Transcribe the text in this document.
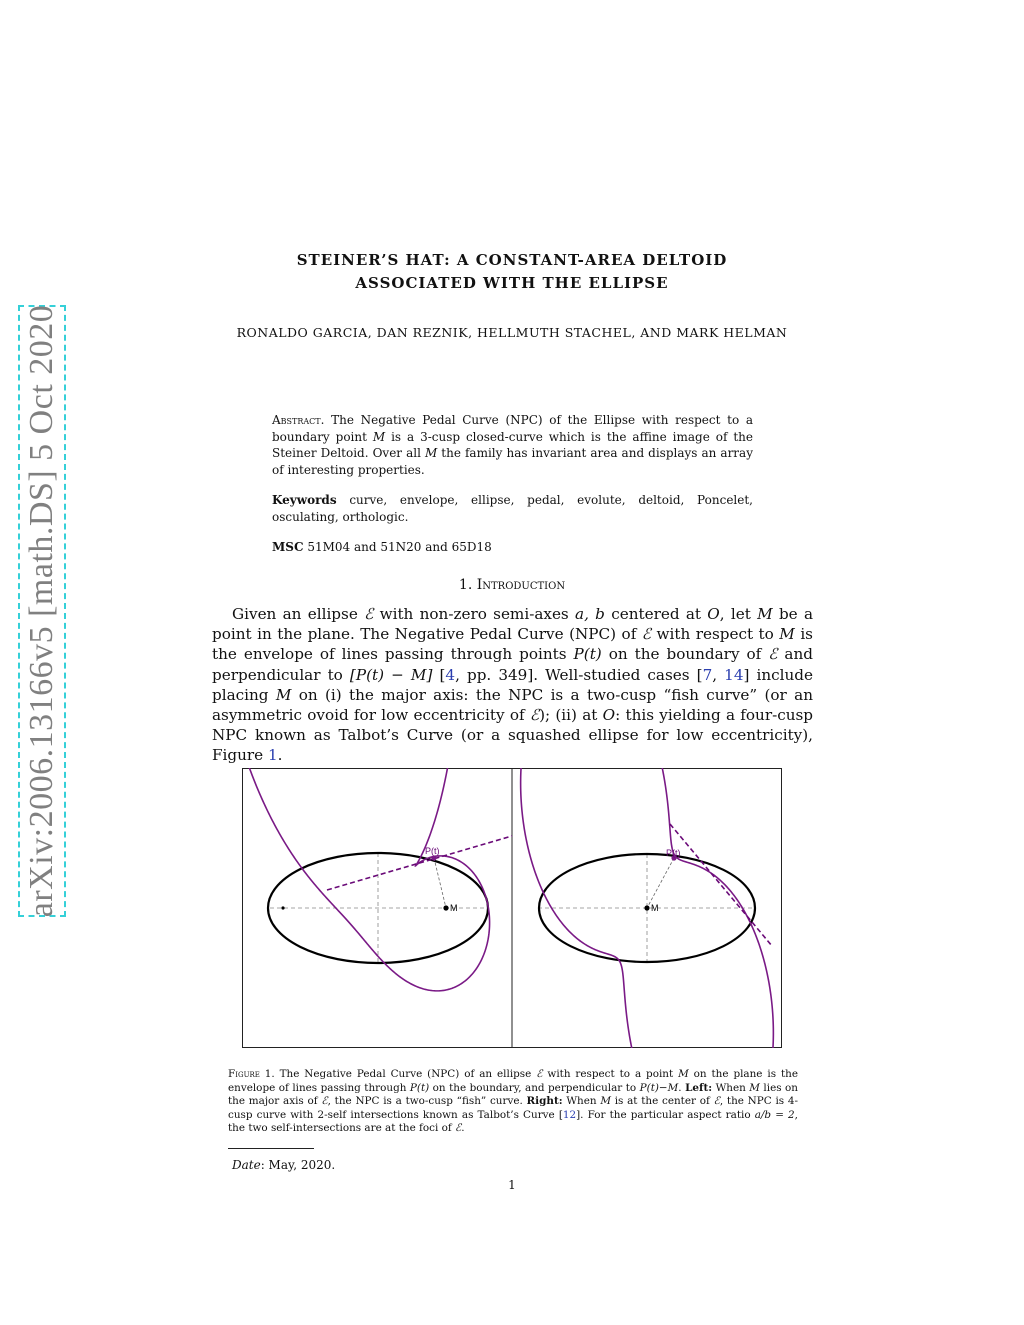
arXiv:2006.13166v5 [math.DS] 5 Oct 2020
STEINER’S HAT: A CONSTANT-AREA DELTOID
ASSOCIATED WITH THE ELLIPSE
RONALDO GARCIA, DAN REZNIK, HELLMUTH STACHEL, AND MARK HELMAN
Abstract. The Negative Pedal Curve (NPC) of the Ellipse with respect to a boundary point M is a 3-cusp closed-curve which is the affine image of the Steiner Deltoid. Over all M the family has invariant area and displays an array of interesting properties.
Keywords curve, envelope, ellipse, pedal, evolute, deltoid, Poncelet, osculating, orthologic.
MSC 51M04 and 51N20 and 65D18
1. Introduction
Given an ellipse ℰ with non-zero semi-axes a, b centered at O, let M be a point in the plane. The Negative Pedal Curve (NPC) of ℰ with respect to M is the envelope of lines passing through points P(t) on the boundary of ℰ and perpendicular to [P(t) − M] [4, pp. 349]. Well-studied cases [7, 14] include placing M on (i) the major axis: the NPC is a two-cusp “fish curve” (or an asymmetric ovoid for low eccentricity of ℰ); (ii) at O: this yielding a four-cusp NPC known as Talbot’s Curve (or a squashed ellipse for low eccentricity), Figure 1.
P(t)
M
P(t)
M
Figure 1. The Negative Pedal Curve (NPC) of an ellipse ℰ with respect to a point M on the plane is the envelope of lines passing through P(t) on the boundary, and perpendicular to P(t)−M. Left: When M lies on the major axis of ℰ, the NPC is a two-cusp “fish” curve. Right: When M is at the center of ℰ, the NPC is 4-cusp curve with 2-self intersections known as Talbot’s Curve [12]. For the particular aspect ratio a/b = 2, the two self-intersections are at the foci of ℰ.
Date: May, 2020.
1
